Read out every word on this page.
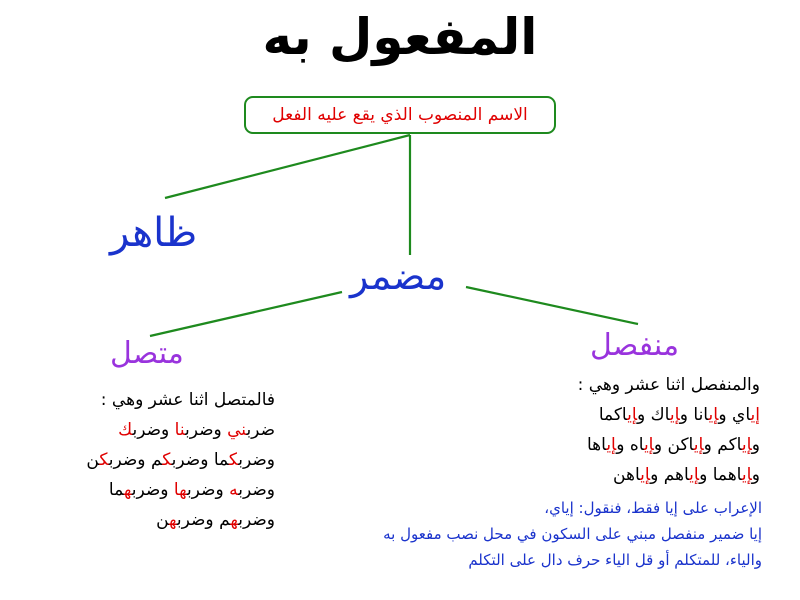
المفعول به
الاسم المنصوب الذي يقع عليه الفعل
ظاهر
مضمر
متصل	منفصل
فالمتصل اثنا عشر وهي :
ضرب‍‍ني وضرب‍‍نا وضرب‍‍ك
وضرب‍‍ك‍‍ما وضرب‍‍ك‍‍م وضرب‍‍ك‍‍ن
وضرب‍‍ه وضرب‍‍ها وضرب‍‍ه‍‍ما
وضرب‍‍ه‍‍م وضرب‍‍ه‍‍ن
والمنفصل اثنا عشر وهي :
إي‍‍اي و‍‍إي‍‍انا و‍‍إي‍‍اك و‍‍إي‍‍اكما
و‍‍إي‍‍اكم و‍‍إي‍‍اكن و‍‍إي‍‍اه و‍‍إي‍‍اها
و‍‍إي‍‍اهما و‍‍إي‍‍اهم و‍‍إي‍‍اهن
الإعراب على إيا فقط، فنقول: إياي،
إيا ضمير منفصل مبني على السكون في محل نصب مفعول به
والياء، للمتكلم أو قل الياء حرف دال على التكلم
